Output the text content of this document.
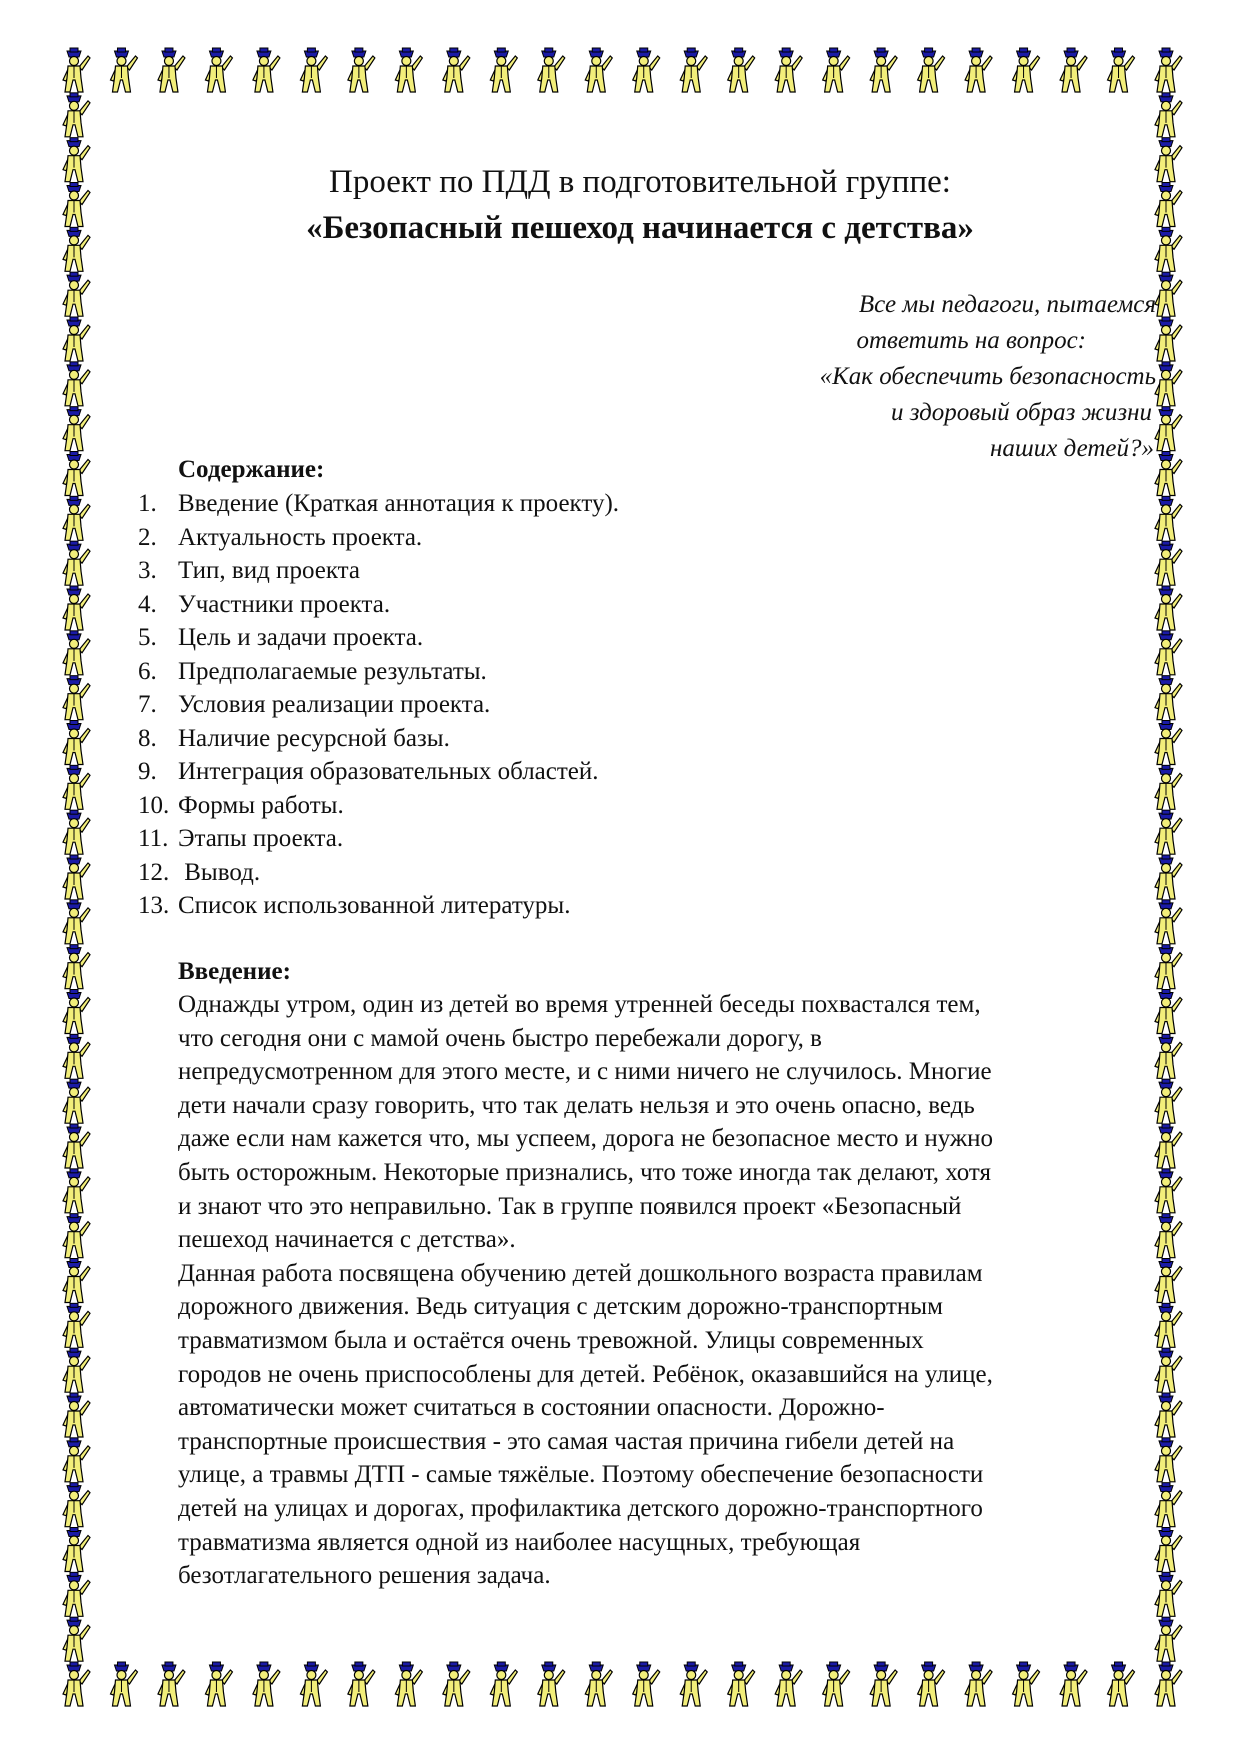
Проект по ПДД в подготовительной группе:
«Безопасный пешеход начинается с детства»
Все мы педагоги, пытаемся
ответить на вопрос:
«Как обеспечить безопасность
и здоровый образ жизни
наших детей?»
Содержание:
1. Введение (Краткая аннотация к проекту).
2. Актуальность проекта.
3. Тип, вид проекта
4. Участники проекта.
5. Цель и задачи проекта.
6. Предполагаемые результаты.
7. Условия реализации проекта.
8. Наличие ресурсной базы.
9. Интеграция образовательных областей.
10. Формы работы.
11. Этапы проекта.
12. Вывод.
13. Список использованной литературы.
Введение:
Однажды утром, один из детей во время утренней беседы похвастался тем,
что сегодня они с мамой очень быстро перебежали дорогу, в
непредусмотренном для этого месте, и с ними ничего не случилось. Многие
дети начали сразу говорить, что так делать нельзя и это очень опасно, ведь
даже если нам кажется что, мы успеем, дорога не безопасное место и нужно
быть осторожным. Некоторые признались, что тоже иногда так делают, хотя
и знают что это неправильно. Так в группе появился проект «Безопасный
пешеход начинается с детства».
Данная работа посвящена обучению детей дошкольного возраста правилам
дорожного движения. Ведь ситуация с детским дорожно-транспортным
травматизмом была и остаётся очень тревожной. Улицы современных
городов не очень приспособлены для детей. Ребёнок, оказавшийся на улице,
автоматически может считаться в состоянии опасности. Дорожно-
транспортные происшествия - это самая частая причина гибели детей на
улице, а травмы ДТП - самые тяжёлые. Поэтому обеспечение безопасности
детей на улицах и дорогах, профилактика детского дорожно-транспортного
травматизма является одной из наиболее насущных, требующая
безотлагательного решения задача.
